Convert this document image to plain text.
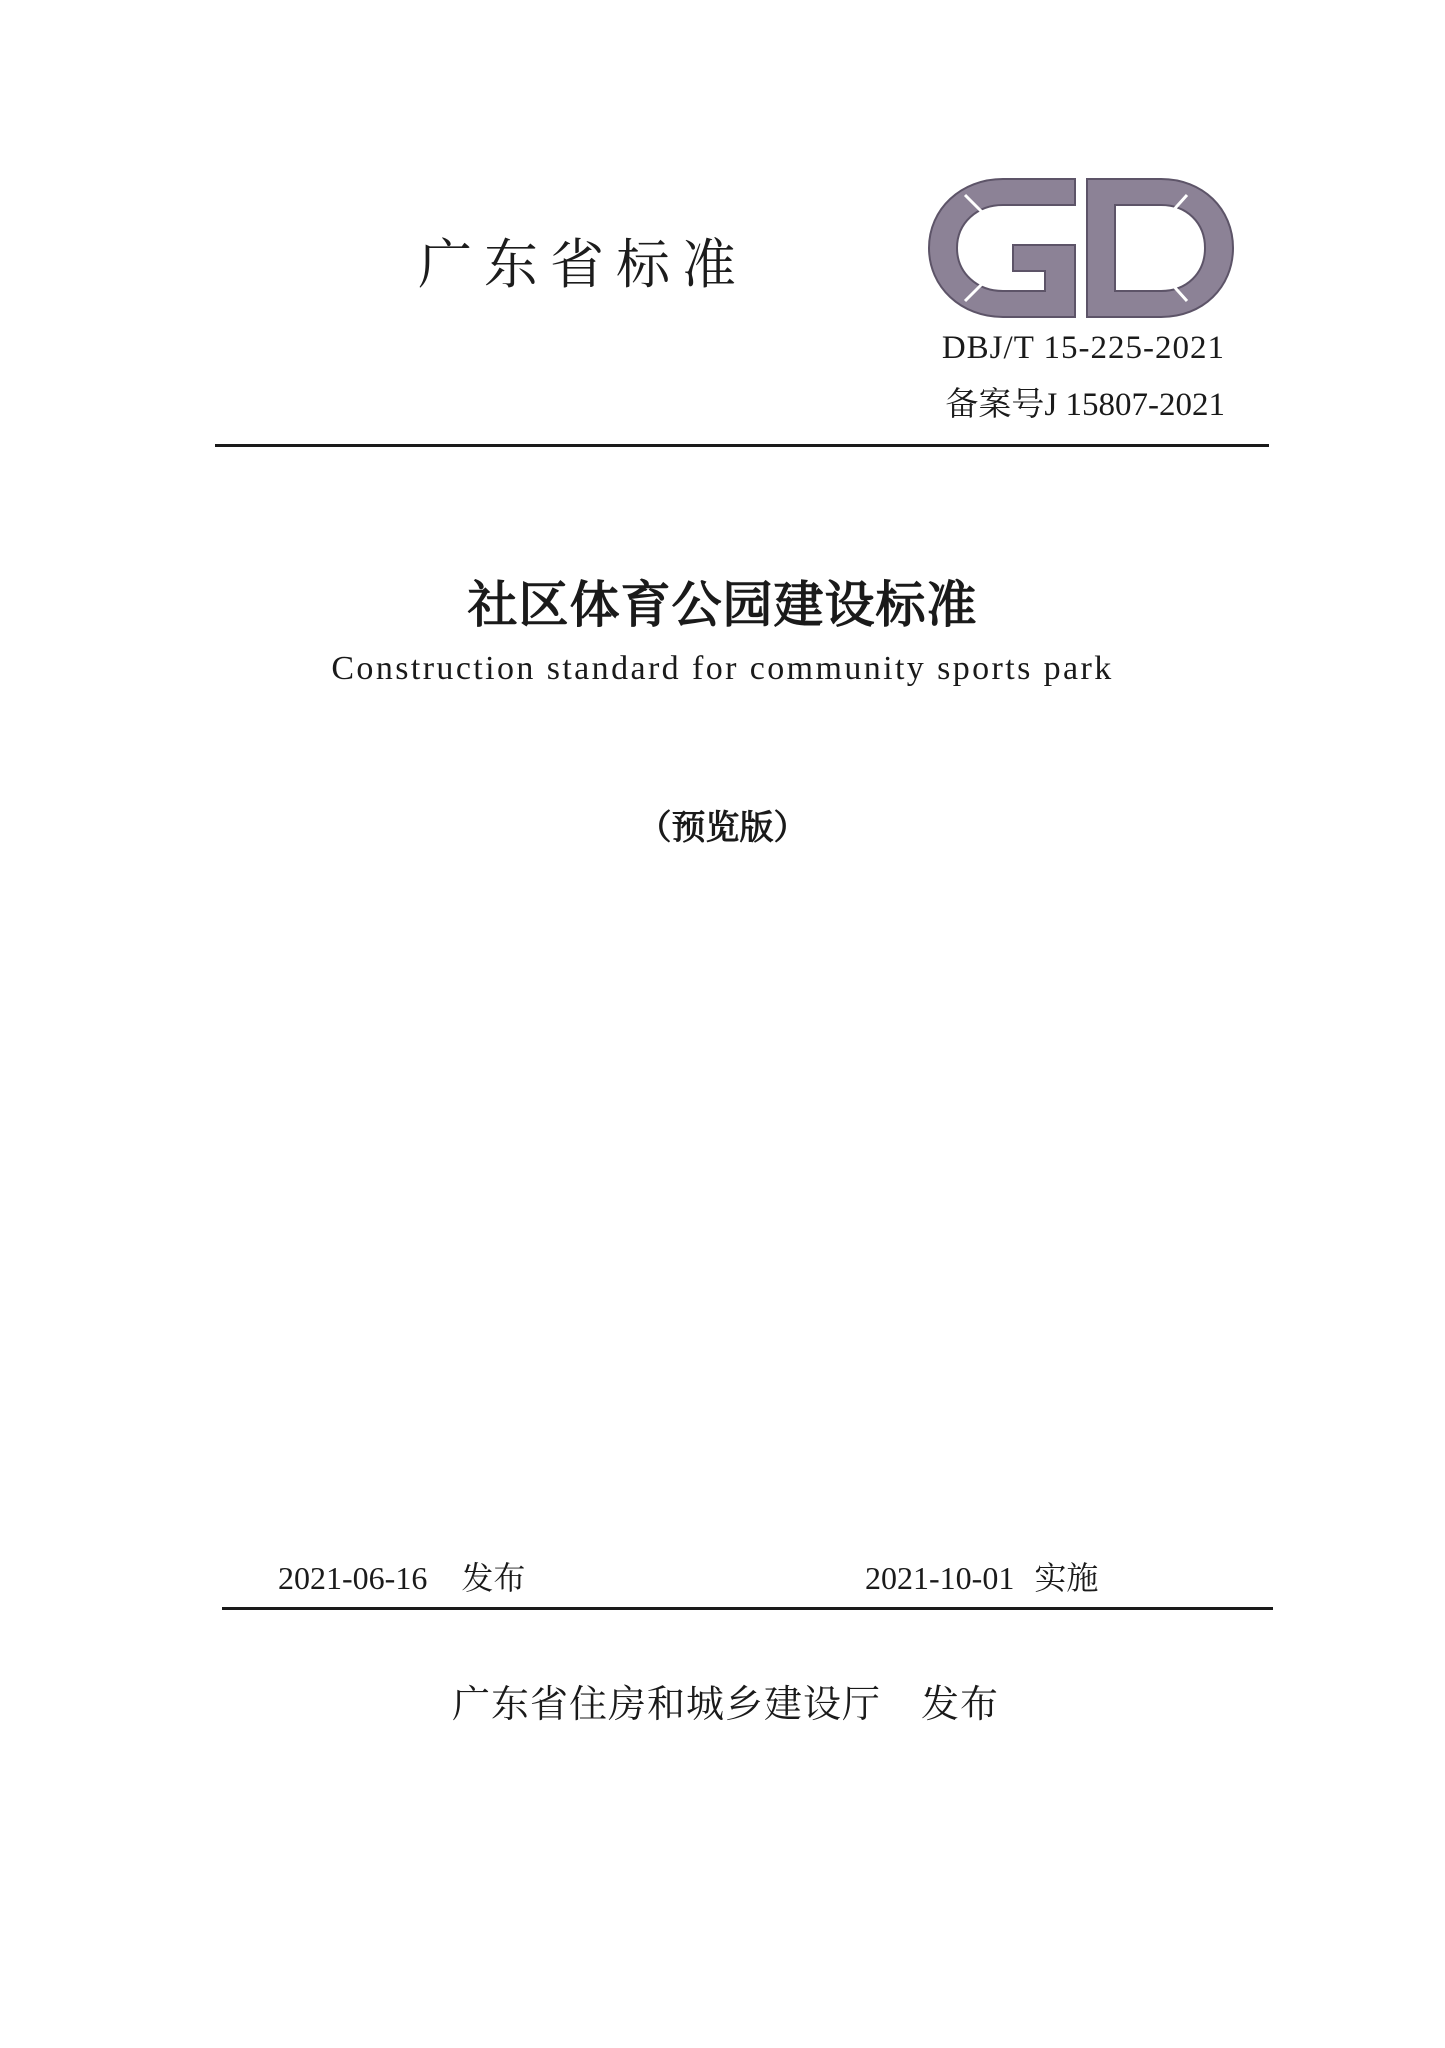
广东省标准
DBJ/T 15-225-2021
备案号J 15807-2021
社区体育公园建设标准
Construction standard for community sports park
（预览版）
2021-06-16 发布	2021-10-01 实施
广东省住房和城乡建设厅 发布
